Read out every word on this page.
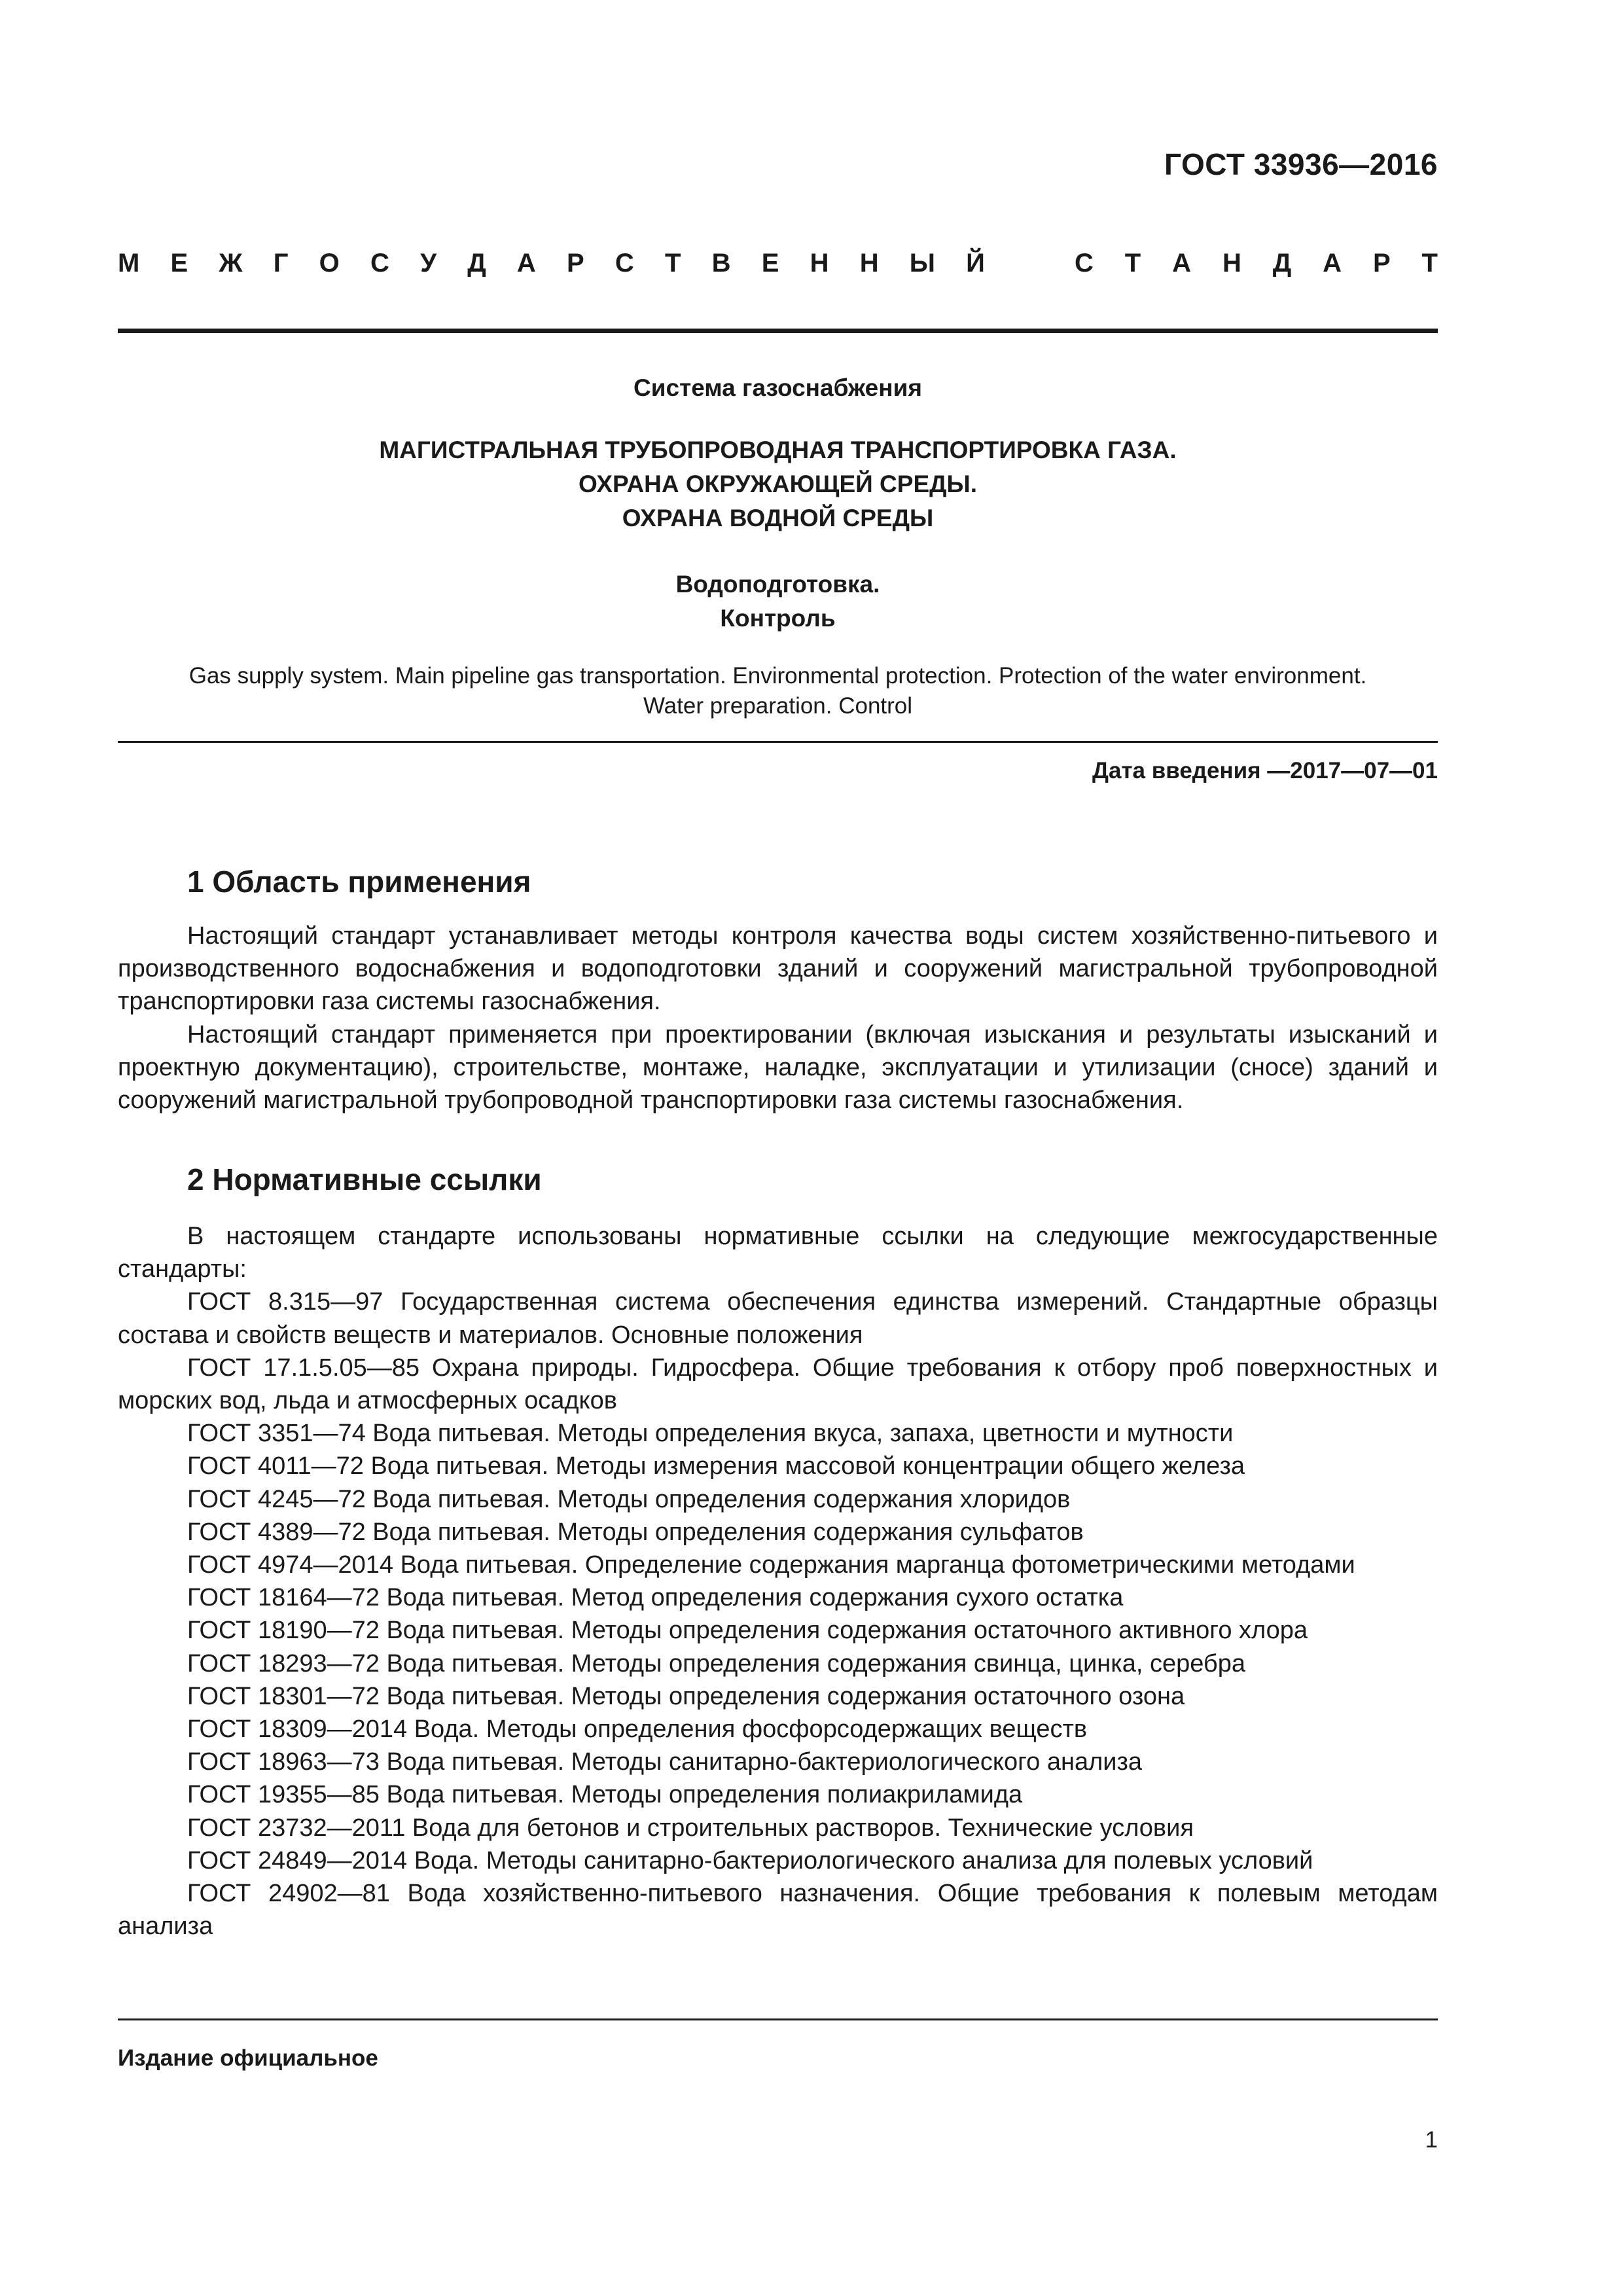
ГОСТ 33936—2016
М Е Ж Г О С У Д А Р С Т В Е Н Н Ы Й	С Т А Н Д А Р Т
Система газоснабжения
МАГИСТРАЛЬНАЯ ТРУБОПРОВОДНАЯ ТРАНСПОРТИРОВКА ГАЗА.
ОХРАНА ОКРУЖАЮЩЕЙ СРЕДЫ.
ОХРАНА ВОДНОЙ СРЕДЫ
Водоподготовка.
Контроль
Gas supply system. Main pipeline gas transportation. Environmental protection. Protection of the water environment.
Water preparation. Control
Дата введения —2017—07—01
1 Область применения

Настоящий стандарт устанавливает методы контроля качества воды систем хозяйственно-питьевого и производственного водоснабжения и водоподготовки зданий и сооружений магистральной трубопроводной транспортировки газа системы газоснабжения.

Настоящий стандарт применяется при проектировании (включая изыскания и результаты изысканий и проектную документацию), строительстве, монтаже, наладке, эксплуатации и утилизации (сносе) зданий и сооружений магистральной трубопроводной транспортировки газа системы газоснабжения.

2 Нормативные ссылки

В настоящем стандарте использованы нормативные ссылки на следующие межгосударственные стандарты:

ГОСТ 8.315—97 Государственная система обеспечения единства измерений. Стандартные образцы состава и свойств веществ и материалов. Основные положения

ГОСТ 17.1.5.05—85 Охрана природы. Гидросфера. Общие требования к отбору проб поверхностных и морских вод, льда и атмосферных осадков

ГОСТ 3351—74 Вода питьевая. Методы определения вкуса, запаха, цветности и мутности

ГОСТ 4011—72 Вода питьевая. Методы измерения массовой концентрации общего железа

ГОСТ 4245—72 Вода питьевая. Методы определения содержания хлоридов

ГОСТ 4389—72 Вода питьевая. Методы определения содержания сульфатов

ГОСТ 4974—2014 Вода питьевая. Определение содержания марганца фотометрическими методами

ГОСТ 18164—72 Вода питьевая. Метод определения содержания сухого остатка

ГОСТ 18190—72 Вода питьевая. Методы определения содержания остаточного активного хлора

ГОСТ 18293—72 Вода питьевая. Методы определения содержания свинца, цинка, серебра

ГОСТ 18301—72 Вода питьевая. Методы определения содержания остаточного озона

ГОСТ 18309—2014 Вода. Методы определения фосфорсодержащих веществ

ГОСТ 18963—73 Вода питьевая. Методы санитарно-бактериологического анализа

ГОСТ 19355—85 Вода питьевая. Методы определения полиакриламида

ГОСТ 23732—2011 Вода для бетонов и строительных растворов. Технические условия

ГОСТ 24849—2014 Вода. Методы санитарно-бактериологического анализа для полевых условий

ГОСТ 24902—81 Вода хозяйственно-питьевого назначения. Общие требования к полевым методам анализа

Издание официальное
1
